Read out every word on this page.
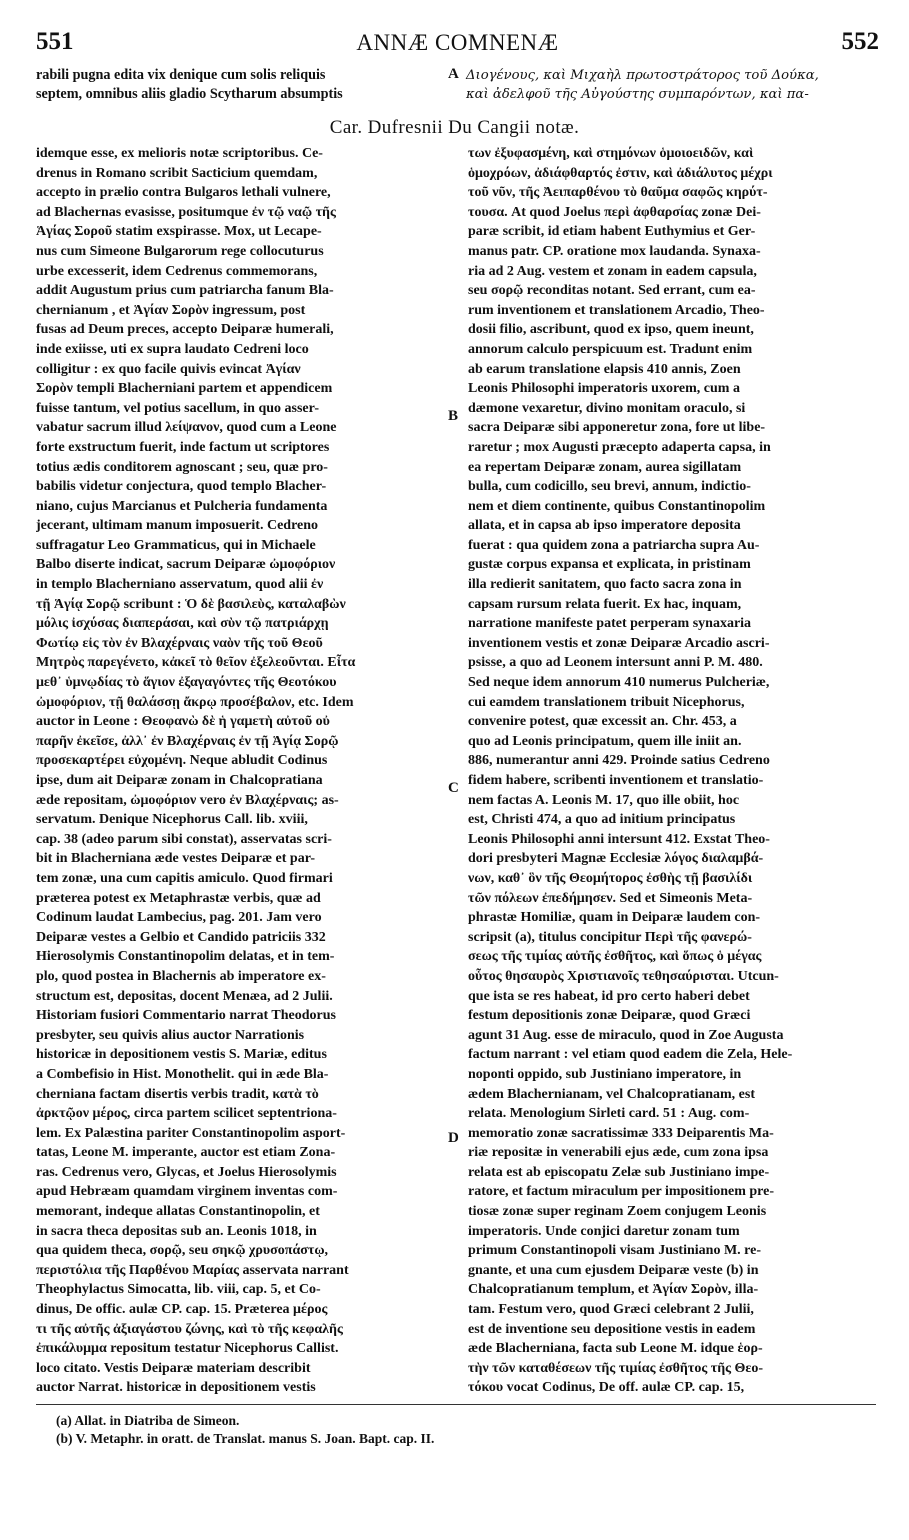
551	ANNÆ COMNENÆ	552
rabili pugna edita vix denique cum solis reliquis
septem, omnibus aliis gladio Scytharum absumptis
A Διογένους, καὶ Μιχαὴλ πρωτοστράτορος τοῦ Δούκα,
καὶ ἀδελφοῦ τῆς Αὐγούστης συμπαρόντων, καὶ πα-
Car. Dufresnii Du Cangii notæ.
idemque esse, ex melioris notæ scriptoribus. Ce-
drenus in Romano scribit Sacticium quemdam,
accepto in prælio contra Bulgaros lethali vulnere,
ad Blachernas evasisse, positumque ἐν τῷ ναῷ τῆς
Ἁγίας Σοροῦ statim exspirasse. Mox, ut Lecape-
nus cum Simeone Bulgarorum rege collocuturus
urbe excesserit, idem Cedrenus commemorans,
addit Augustum prius cum patriarcha fanum Bla-
chernianum , et Ἁγίαν Σορὸν ingressum, post
fusas ad Deum preces, accepto Deiparæ humerali,
inde exiisse, uti ex supra laudato Cedreni loco
colligitur : ex quo facile quivis evincat Ἁγίαν
Σορὸν templi Blacherniani partem et appendicem
fuisse tantum, vel potius sacellum, in quo asser-
vabatur sacrum illud λείψανον, quod cum a Leone
forte exstructum fuerit, inde factum ut scriptores
totius ædis conditorem agnoscant ; seu, quæ pro-
babilis videtur conjectura, quod templo Blacher-
niano, cujus Marcianus et Pulcheria fundamenta
jecerant, ultimam manum imposuerit. Cedreno
suffragatur Leo Grammaticus, qui in Michaele
Balbo diserte indicat, sacrum Deiparæ ὠμοφόριον
in templo Blacherniano asservatum, quod alii ἐν
τῇ Ἁγίᾳ Σορῷ scribunt : Ὁ δὲ βασιλεὺς, καταλαβὼν
μόλις ἰσχύσας διαπεράσαι, καὶ σὺν τῷ πατριάρχῃ
Φωτίῳ εἰς τὸν ἐν Βλαχέρναις ναὸν τῆς τοῦ Θεοῦ
Μητρὸς παρεγένετο, κἀκεῖ τὸ θεῖον ἐξελεοῦνται. Εἶτα
μεθ᾽ ὑμνῳδίας τὸ ἅγιον ἐξαγαγόντες τῆς Θεοτόκου
ὠμοφόριον, τῇ θαλάσσῃ ἄκρῳ προσέβαλον, etc. Idem
auctor in Leone : Θεοφανὼ δὲ ἡ γαμετὴ αὐτοῦ οὐ
παρῆν ἐκεῖσε, ἀλλ᾽ ἐν Βλαχέρναις ἐν τῇ Ἁγίᾳ Σορῷ
προσεκαρτέρει εὐχομένη. Neque abludit Codinus
ipse, dum ait Deiparæ zonam in Chalcopratiana
æde repositam, ὠμοφόριον vero ἐν Βλαχέρναις; as-
servatum. Denique Nicephorus Call. lib. xviii,
cap. 38 (adeo parum sibi constat), asservatas scri-
bit in Blacherniana æde vestes Deiparæ et par-
tem zonæ, una cum capitis amiculo. Quod firmari
præterea potest ex Metaphrastæ verbis, quæ ad
Codinum laudat Lambecius, pag. 201. Jam vero
Deiparæ vestes a Gelbio et Candido patriciis 332
Hierosolymis Constantinopolim delatas, et in tem-
plo, quod postea in Blachernis ab imperatore ex-
structum est, depositas, docent Menæa, ad 2 Julii.
Historiam fusiori Commentario narrat Theodorus
presbyter, seu quivis alius auctor Narrationis
historicæ in depositionem vestis S. Mariæ, editus
a Combefisio in Hist. Monothelit. qui in æde Bla-
cherniana factam disertis verbis tradit, κατὰ τὸ
ἀρκτῷον μέρος, circa partem scilicet septentriona-
lem. Ex Palæstina pariter Constantinopolim asport-
tatas, Leone M. imperante, auctor est etiam Zona-
ras. Cedrenus vero, Glycas, et Joelus Hierosolymis
apud Hebræam quamdam virginem inventas com-
memorant, indeque allatas Constantinopolin, et
in sacra theca depositas sub an. Leonis 1018, in
qua quidem theca, σορῷ, seu σηκῷ χρυσοπάστῳ,
περιστόλια τῆς Παρθένου Μαρίας asservata narrant
Theophylactus Simocatta, lib. viii, cap. 5, et Co-
dinus, De offic. aulæ CP. cap. 15. Præterea μέρος
τι τῆς αὐτῆς ἀξιαγάστου ζώνης, καὶ τὸ τῆς κεφαλῆς
ἐπικάλυμμα repositum testatur Nicephorus Callist.
loco citato. Vestis Deiparæ materiam describit
auctor Narrat. historicæ in depositionem vestis
των ἐξυφασμένη, καὶ στημόνων ὁμοιοειδῶν, καὶ
ὁμοχρόων, ἀδιάφθαρτός ἐστιν, καὶ ἀδιάλυτος μέχρι
τοῦ νῦν, τῆς Ἀειπαρθένου τὸ θαῦμα σαφῶς κηρύτ-
τουσα. At quod Joelus περὶ ἀφθαρσίας zonæ Dei-
paræ scribit, id etiam habent Euthymius et Ger-
manus patr. CP. oratione mox laudanda. Synaxa-
ria ad 2 Aug. vestem et zonam in eadem capsula,
seu σορῷ reconditas notant. Sed errant, cum ea-
rum inventionem et translationem Arcadio, Theo-
dosii filio, ascribunt, quod ex ipso, quem ineunt,
annorum calculo perspicuum est. Tradunt enim
ab earum translatione elapsis 410 annis, Zoen
Leonis Philosophi imperatoris uxorem, cum a
dæmone vexaretur, divino monitam oraculo, si
sacra Deiparæ sibi apponeretur zona, fore ut libe-
raretur ; mox Augusti præcepto adaperta capsa, in
ea repertam Deiparæ zonam, aurea sigillatam
bulla, cum codicillo, seu brevi, annum, indictio-
nem et diem continente, quibus Constantinopolim
allata, et in capsa ab ipso imperatore deposita
fuerat : qua quidem zona a patriarcha supra Au-
gustæ corpus expansa et explicata, in pristinam
illa redierit sanitatem, quo facto sacra zona in
capsam rursum relata fuerit. Ex hac, inquam,
narratione manifeste patet perperam synaxaria
inventionem vestis et zonæ Deiparæ Arcadio ascri-
psisse, a quo ad Leonem intersunt anni P. M. 480.
Sed neque idem annorum 410 numerus Pulcheriæ,
cui eamdem translationem tribuit Nicephorus,
convenire potest, quæ excessit an. Chr. 453, a
quo ad Leonis principatum, quem ille iniit an.
886, numerantur anni 429. Proinde satius Cedreno
fidem habere, scribenti inventionem et translatio-
nem factas A. Leonis M. 17, quo ille obiit, hoc
est, Christi 474, a quo ad initium principatus
Leonis Philosophi anni intersunt 412. Exstat Theo-
dori presbyteri Magnæ Ecclesiæ λόγος διαλαμβά-
νων, καθ᾽ ὃν τῆς Θεομήτορος ἐσθὴς τῇ βασιλίδι
τῶν πόλεων ἐπεδήμησεν. Sed et Simeonis Meta-
phrastæ Homiliæ, quam in Deiparæ laudem con-
scripsit (a), titulus concipitur Περὶ τῆς φανερώ-
σεως τῆς τιμίας αὐτῆς ἐσθῆτος, καὶ ὅπως ὁ μέγας
οὗτος θησαυρὸς Χριστιανοῖς τεθησαύρισται. Utcun-
que ista se res habeat, id pro certo haberi debet
festum depositionis zonæ Deiparæ, quod Græci
agunt 31 Aug. esse de miraculo, quod in Zoe Augusta
factum narrant : vel etiam quod eadem die Zela, Hele-
noponti oppido, sub Justiniano imperatore, in
ædem Blachernianam, vel Chalcopratianam, est
relata. Menologium Sirleti card. 51 : Aug. com-
memoratio zonæ sacratissimæ 333 Deiparentis Ma-
riæ repositæ in venerabili ejus æde, cum zona ipsa
relata est ab episcopatu Zelæ sub Justiniano impe-
ratore, et factum miraculum per impositionem pre-
tiosæ zonæ super reginam Zoem conjugem Leonis
imperatoris. Unde conjici daretur zonam tum
primum Constantinopoli visam Justiniano M. re-
gnante, et una cum ejusdem Deiparæ veste (b) in
Chalcopratianum templum, et Ἁγίαν Σορὸν, illa-
tam. Festum vero, quod Græci celebrant 2 Julii,
est de inventione seu depositione vestis in eadem
æde Blacherniana, facta sub Leone M. idque ἑορ-
τὴν τῶν καταθέσεων τῆς τιμίας ἐσθῆτος τῆς Θεο-
τόκου vocat Codinus, De off. aulæ CP. cap. 15,
B
C
D
(a) Allat. in Diatriba de Simeon.
(b) V. Metaphr. in oratt. de Translat. manus S. Joan. Bapt. cap. II.
